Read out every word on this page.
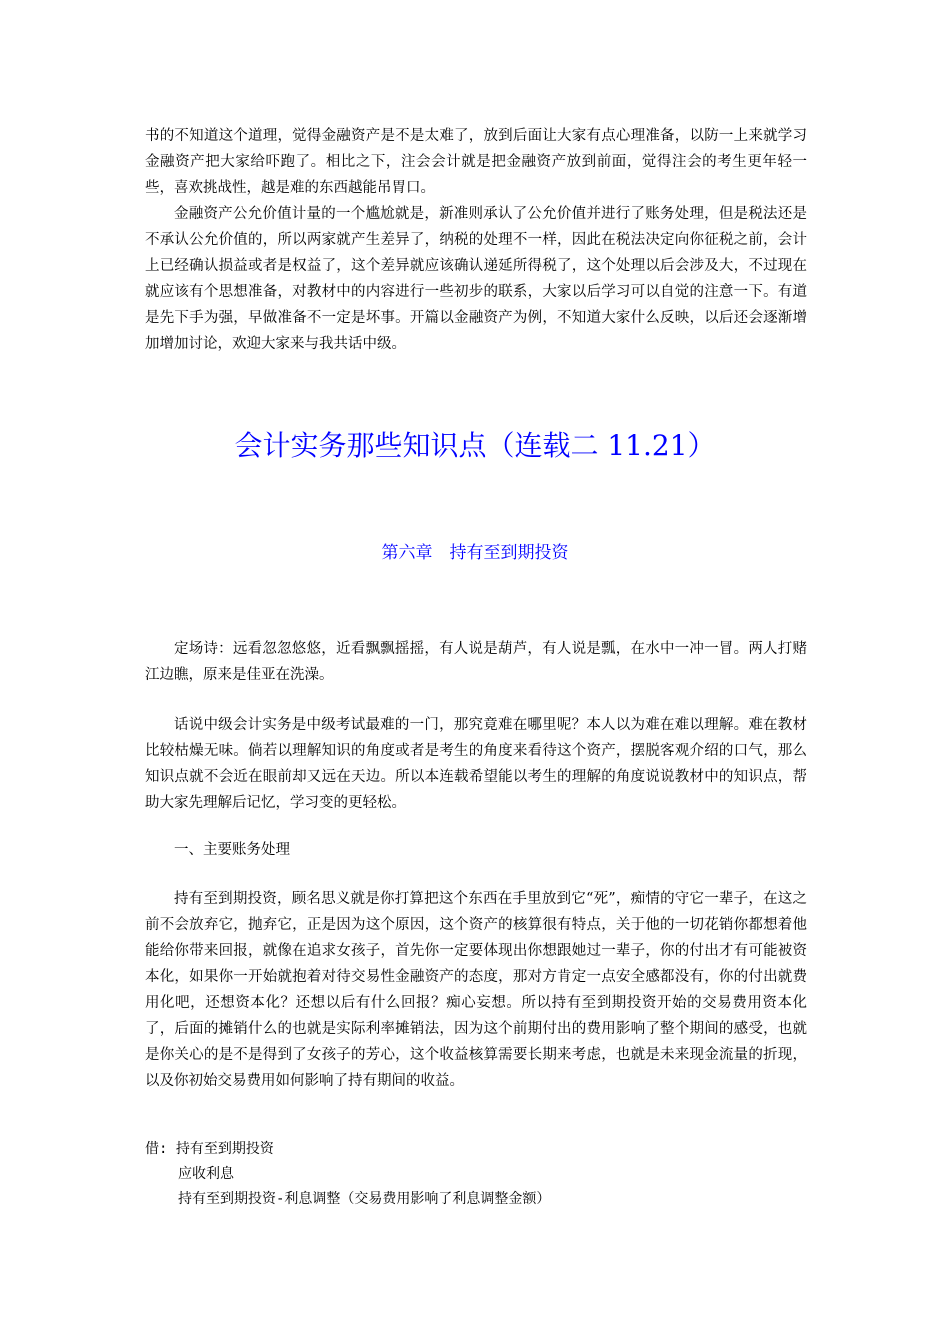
书的不知道这个道理，觉得金融资产是不是太难了，放到后面让大家有点心理准备，以防一上来就学习金融资产把大家给吓跑了。相比之下，注会会计就是把金融资产放到前面，觉得注会的考生更年轻一些，喜欢挑战性，越是难的东西越能吊胃口。

金融资产公允价值计量的一个尴尬就是，新准则承认了公允价值并进行了账务处理，但是税法还是不承认公允价值的，所以两家就产生差异了，纳税的处理不一样，因此在税法决定向你征税之前，会计上已经确认损益或者是权益了，这个差异就应该确认递延所得税了，这个处理以后会涉及大，不过现在就应该有个思想准备，对教材中的内容进行一些初步的联系，大家以后学习可以自觉的注意一下。有道是先下手为强，早做准备不一定是坏事。开篇以金融资产为例，不知道大家什么反映，以后还会逐渐增加增加讨论，欢迎大家来与我共话中级。

会计实务那些知识点（连载二 11.21）
第六章　持有至到期投资

定场诗：远看忽忽悠悠，近看飘飘摇摇，有人说是葫芦，有人说是瓢，在水中一冲一冒。两人打赌江边瞧，原来是佳亚在洗澡。

话说中级会计实务是中级考试最难的一门，那究竟难在哪里呢？本人以为难在难以理解。难在教材比较枯燥无味。倘若以理解知识的角度或者是考生的角度来看待这个资产，摆脱客观介绍的口气，那么知识点就不会近在眼前却又远在天边。所以本连载希望能以考生的理解的角度说说教材中的知识点，帮助大家先理解后记忆，学习变的更轻松。

一、主要账务处理

持有至到期投资，顾名思义就是你打算把这个东西在手里放到它“死”，痴情的守它一辈子，在这之前不会放弃它，抛弃它，正是因为这个原因，这个资产的核算很有特点，关于他的一切花销你都想着他能给你带来回报，就像在追求女孩子，首先你一定要体现出你想跟她过一辈子，你的付出才有可能被资本化，如果你一开始就抱着对待交易性金融资产的态度，那对方肯定一点安全感都没有，你的付出就费用化吧，还想资本化？还想以后有什么回报？痴心妄想。所以持有至到期投资开始的交易费用资本化了，后面的摊销什么的也就是实际利率摊销法，因为这个前期付出的费用影响了整个期间的感受，也就是你关心的是不是得到了女孩子的芳心，这个收益核算需要长期来考虑，也就是未来现金流量的折现，以及你初始交易费用如何影响了持有期间的收益。

借: 持有至到期投资

应收利息

持有至到期投资-利息调整（交易费用影响了利息调整金额）
